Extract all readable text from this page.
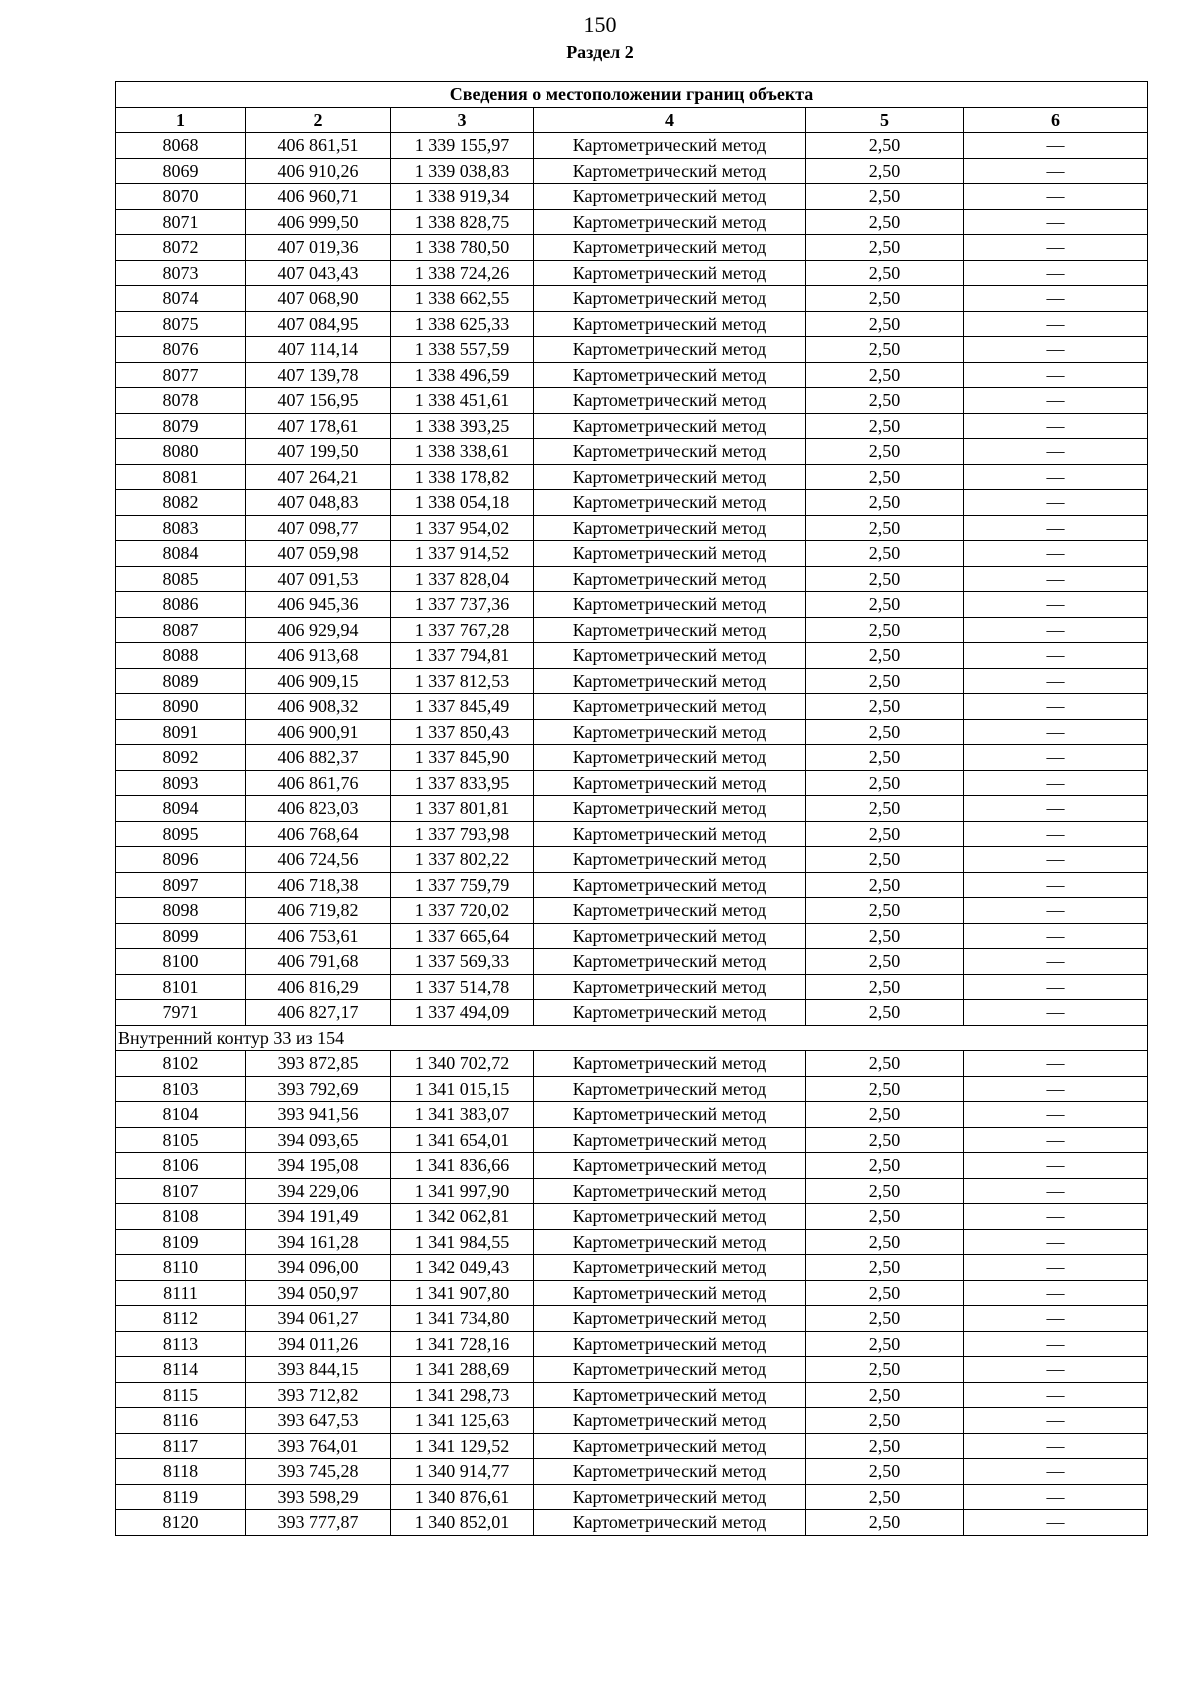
150
Раздел 2
Сведения о местоположении границ объекта					
1	2	3	4	5	6
8068	406 861,51	1 339 155,97	Картометрический метод	2,50	—
8069	406 910,26	1 339 038,83	Картометрический метод	2,50	—
8070	406 960,71	1 338 919,34	Картометрический метод	2,50	—
8071	406 999,50	1 338 828,75	Картометрический метод	2,50	—
8072	407 019,36	1 338 780,50	Картометрический метод	2,50	—
8073	407 043,43	1 338 724,26	Картометрический метод	2,50	—
8074	407 068,90	1 338 662,55	Картометрический метод	2,50	—
8075	407 084,95	1 338 625,33	Картометрический метод	2,50	—
8076	407 114,14	1 338 557,59	Картометрический метод	2,50	—
8077	407 139,78	1 338 496,59	Картометрический метод	2,50	—
8078	407 156,95	1 338 451,61	Картометрический метод	2,50	—
8079	407 178,61	1 338 393,25	Картометрический метод	2,50	—
8080	407 199,50	1 338 338,61	Картометрический метод	2,50	—
8081	407 264,21	1 338 178,82	Картометрический метод	2,50	—
8082	407 048,83	1 338 054,18	Картометрический метод	2,50	—
8083	407 098,77	1 337 954,02	Картометрический метод	2,50	—
8084	407 059,98	1 337 914,52	Картометрический метод	2,50	—
8085	407 091,53	1 337 828,04	Картометрический метод	2,50	—
8086	406 945,36	1 337 737,36	Картометрический метод	2,50	—
8087	406 929,94	1 337 767,28	Картометрический метод	2,50	—
8088	406 913,68	1 337 794,81	Картометрический метод	2,50	—
8089	406 909,15	1 337 812,53	Картометрический метод	2,50	—
8090	406 908,32	1 337 845,49	Картометрический метод	2,50	—
8091	406 900,91	1 337 850,43	Картометрический метод	2,50	—
8092	406 882,37	1 337 845,90	Картометрический метод	2,50	—
8093	406 861,76	1 337 833,95	Картометрический метод	2,50	—
8094	406 823,03	1 337 801,81	Картометрический метод	2,50	—
8095	406 768,64	1 337 793,98	Картометрический метод	2,50	—
8096	406 724,56	1 337 802,22	Картометрический метод	2,50	—
8097	406 718,38	1 337 759,79	Картометрический метод	2,50	—
8098	406 719,82	1 337 720,02	Картометрический метод	2,50	—
8099	406 753,61	1 337 665,64	Картометрический метод	2,50	—
8100	406 791,68	1 337 569,33	Картометрический метод	2,50	—
8101	406 816,29	1 337 514,78	Картометрический метод	2,50	—
7971	406 827,17	1 337 494,09	Картометрический метод	2,50	—
Внутренний контур 33 из 154					
8102	393 872,85	1 340 702,72	Картометрический метод	2,50	—
8103	393 792,69	1 341 015,15	Картометрический метод	2,50	—
8104	393 941,56	1 341 383,07	Картометрический метод	2,50	—
8105	394 093,65	1 341 654,01	Картометрический метод	2,50	—
8106	394 195,08	1 341 836,66	Картометрический метод	2,50	—
8107	394 229,06	1 341 997,90	Картометрический метод	2,50	—
8108	394 191,49	1 342 062,81	Картометрический метод	2,50	—
8109	394 161,28	1 341 984,55	Картометрический метод	2,50	—
8110	394 096,00	1 342 049,43	Картометрический метод	2,50	—
8111	394 050,97	1 341 907,80	Картометрический метод	2,50	—
8112	394 061,27	1 341 734,80	Картометрический метод	2,50	—
8113	394 011,26	1 341 728,16	Картометрический метод	2,50	—
8114	393 844,15	1 341 288,69	Картометрический метод	2,50	—
8115	393 712,82	1 341 298,73	Картометрический метод	2,50	—
8116	393 647,53	1 341 125,63	Картометрический метод	2,50	—
8117	393 764,01	1 341 129,52	Картометрический метод	2,50	—
8118	393 745,28	1 340 914,77	Картометрический метод	2,50	—
8119	393 598,29	1 340 876,61	Картометрический метод	2,50	—
8120	393 777,87	1 340 852,01	Картометрический метод	2,50	—
